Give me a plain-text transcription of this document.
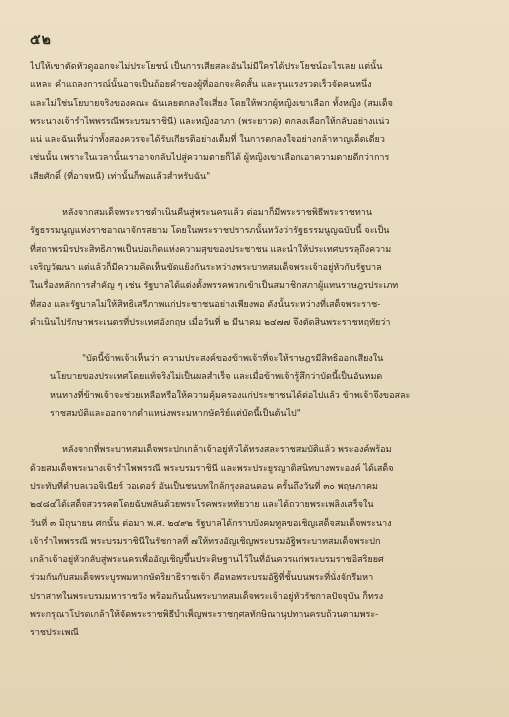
๕๒
ไปให้เขาตัดหัวดูออกจะไม่ประโยชน์ เป็นการเสียสละอันไม่มีใครได้ประโยชน์อะไรเลย แต่นั้น
แหละ คำแถลงการณ์นั้นอาจเป็นถ้อยคำของผู้ที่ออกจะคิดสั้น และรุนแรงรวดเร็วจัดคนหนึ่ง
และไม่ใช่นโยบายจริงของคณะ ฉันเลยตกลงใจเสี่ยง โดยให้พวกผู้หญิงเขาเลือก ทั้งหญิง (สมเด็จ
พระนางเจ้ารำไพพรรณีพระบรมราชินี) และหญิงอาภา (พระยาวด) ตกลงเลือกให้กลับอย่างแน่ว
แน่ และฉันเห็นว่าทั้งสองควรจะได้รับเกียรติอย่างเต็มที่ ในการตกลงใจอย่างกล้าหาญเด็ดเดี่ยว
เช่นนั้น เพราะในเวลานั้นเราอาจกลับไปสู่ความตายก็ได้ ผู้หญิงเขาเลือกเอาความตายดีกว่าการ
เสียศักดิ์ (ที่อาจหนี) เท่านั้นก็พอแล้วสำหรับฉัน"
หลังจากสมเด็จพระราชดำเนินคืนสู่พระนครแล้ว ต่อมาก็มีพระราชพิธีพระราชทาน
รัฐธรรมนูญแห่งราชอาณาจักรสยาม โดยในพระราชปรารภนั้นหวังว่ารัฐธรรมนูญฉบับนี้ จะเป็น
ที่สถาพรมิรประสิทธิภาพเป็นบ่อเกิดแห่งความสุขของประชาชน และนำให้ประเทศบรรลุถึงความ
เจริญวัฒนา แต่แล้วก็มีความคิดเห็นขัดแย้งกันระหว่างพระบาทสมเด็จพระเจ้าอยู่หัวกับรัฐบาล
ในเรื่องหลักการสำคัญ ๆ เช่น รัฐบาลได้แต่งตั้งพรรคพวกเข้าเป็นสมาชิกสภาผู้แทนราษฎรประเภท
ที่สอง และรัฐบาลไม่ให้สิทธิเสรีภาพแก่ประชาชนอย่างเพียงพอ ดังนั้นระหว่างที่เสด็จพระราช-
ดำเนินไปรักษาพระเนตรที่ประเทศอังกฤษ เมื่อวันที่ ๒ มีนาคม ๒๔๗๗ จึงตัดสินพระราชหฤทัยว่า
"บัดนี้ข้าพเจ้าเห็นว่า ความประสงค์ของข้าพเจ้าที่จะให้ราษฎรมีสิทธิออกเสียงใน
นโยบายของประเทศโดยแท้จริงไม่เป็นผลสำเร็จ และเมื่อข้าพเจ้ารู้สึกว่าบัดนี้เป็นอันหมด
หนทางที่ข้าพเจ้าจะช่วยเหลือหรือให้ความคุ้มครองแก่ประชาชนได้ต่อไปแล้ว ข้าพเจ้าจึงขอสละ
ราชสมบัติและออกจากตำแหน่งพระมหากษัตริย์แต่บัดนี้เป็นต้นไป"
หลังจากที่พระบาทสมเด็จพระปกเกล้าเจ้าอยู่หัวได้ทรงสละราชสมบัติแล้ว พระองค์พร้อม
ด้วยสมเด็จพระนางเจ้ารำไพพรรณี พระบรมราชินี และพระประยูรญาติสนิทบางพระองค์ ได้เสด็จ
ประทับที่ตำบลเวอจิเนียร์ วอเตอร์ อันเป็นชนบทใกล้กรุงลอนดอน ครั้นถึงวันที่ ๓๐ พฤษภาคม
๒๔๘๔ได้เสด็จสวรรคตโดยฉับพลันด้วยพระโรคพระหทัยวาย และได้ถวายพระเพลิงเสร็จใน
วันที่ ๓ มิถุนายน ศกนั้น ต่อมา พ.ศ. ๒๔๙๒ รัฐบาลได้กราบบังคมทูลขอเชิญเสด็จสมเด็จพระนาง
เจ้ารำไพพรรณี พระบรมราชินีในรัชกาลที่ ๗ให้ทรงอัญเชิญพระบรมอัฐิพระบาทสมเด็จพระปก
เกล้าเจ้าอยู่หัวกลับสู่พระนครเพื่ออัญเชิญขึ้นประดิษฐานไว้ในที่อันควรแก่พระบรมราชอิสริยยศ
ร่วมกันกับสมเด็จพระบูรพมหากษัตริยาธิราชเจ้า คือหอพระบรมอัฐิที่ชั้นบนพระที่นั่งจักรีมหา
ปราสาทในพระบรมมหาราชวัง พร้อมกันนั้นพระบาทสมเด็จพระเจ้าอยู่หัวรัชกาลปัจจุบัน ก็ทรง
พระกรุณาโปรดเกล้าให้จัดพระราชพิธีบำเพ็ญพระราชกุศลทักษิณานุปทานครบถ้วนตามพระ-
ราชประเพณี
